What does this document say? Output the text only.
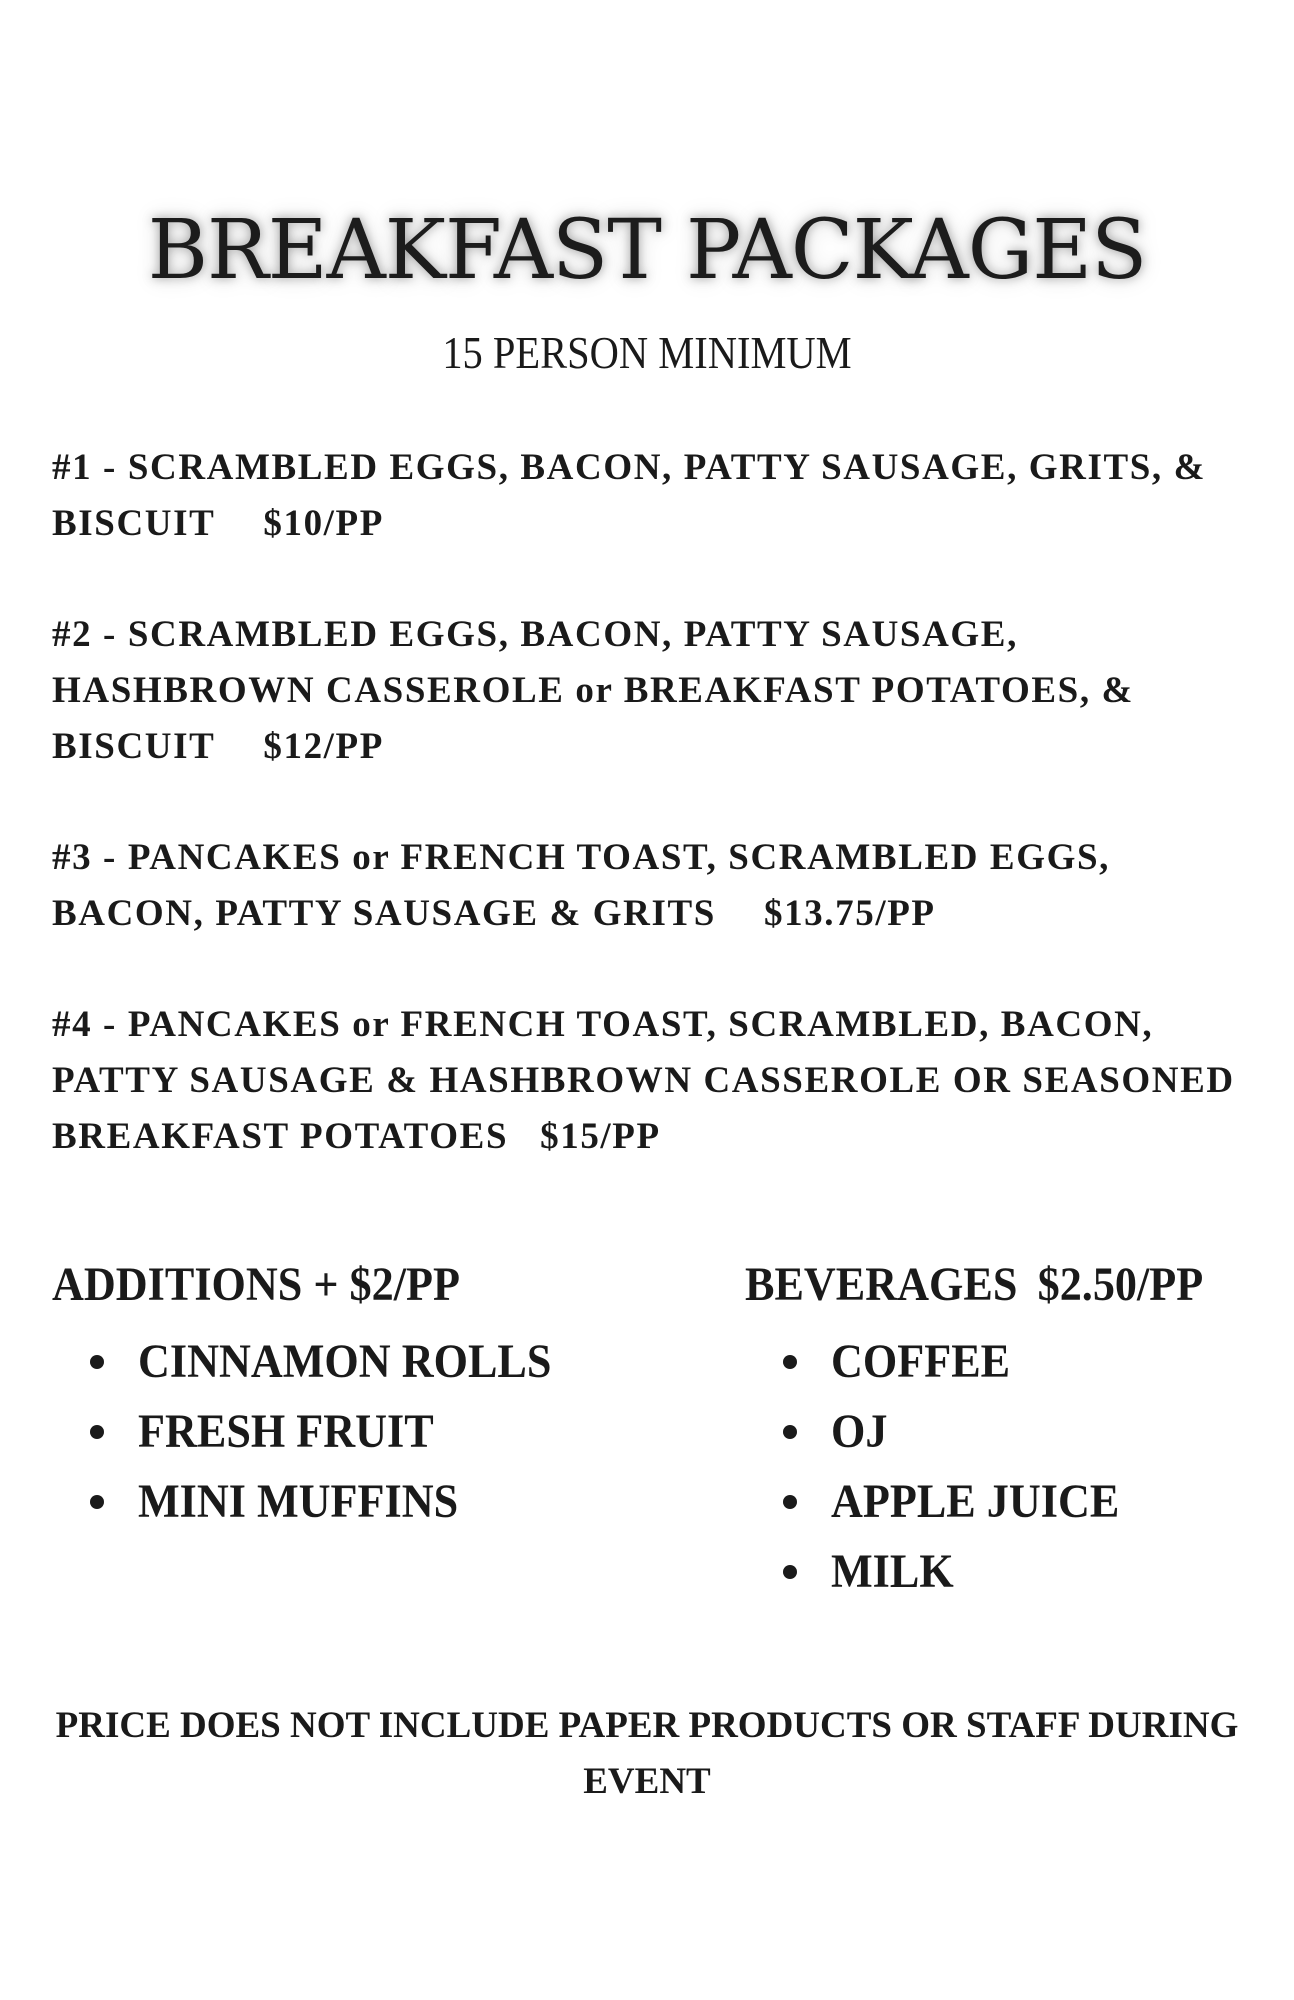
BREAKFAST PACKAGES
15 PERSON MINIMUM
#1 - SCRAMBLED EGGS, BACON, PATTY SAUSAGE, GRITS, & BISCUIT $10/PP
#2 - SCRAMBLED EGGS, BACON, PATTY SAUSAGE, HASHBROWN CASSEROLE or BREAKFAST POTATOES, & BISCUIT $12/PP
#3 - PANCAKES or FRENCH TOAST, SCRAMBLED EGGS, BACON, PATTY SAUSAGE & GRITS $13.75/PP
#4 - PANCAKES or FRENCH TOAST, SCRAMBLED, BACON, PATTY SAUSAGE & HASHBROWN CASSEROLE OR SEASONED BREAKFAST POTATOES $15/PP
ADDITIONS + $2/PP
CINNAMON ROLLS
FRESH FRUIT
MINI MUFFINS
BEVERAGES $2.50/PP
COFFEE
OJ
APPLE JUICE
MILK
PRICE DOES NOT INCLUDE PAPER PRODUCTS OR STAFF DURING EVENT
